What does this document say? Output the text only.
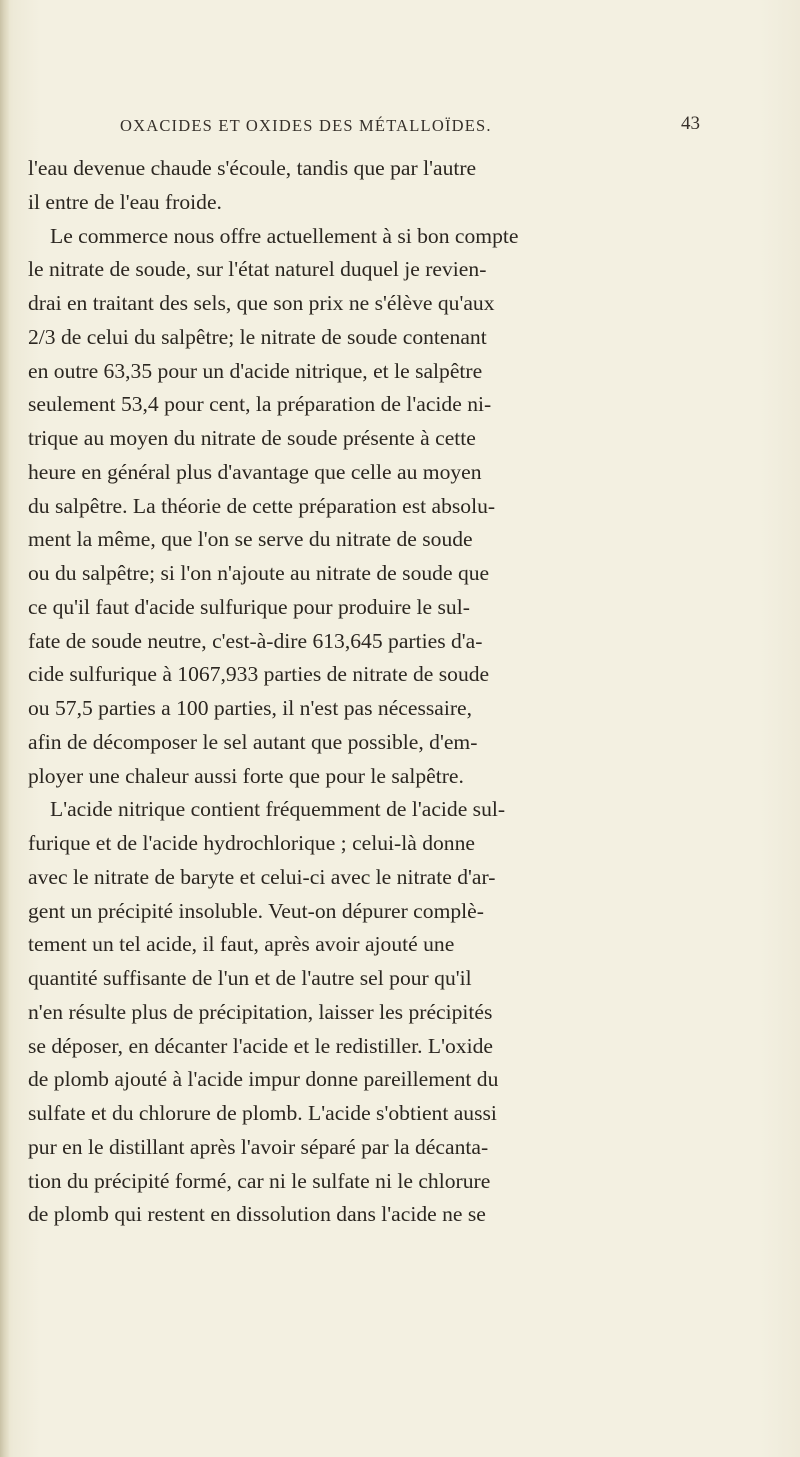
OXACIDES ET OXIDES DES MÉTALLOÏDES.	43
l'eau devenue chaude s'écoule, tandis que par l'autre
il entre de l'eau froide.
Le commerce nous offre actuellement à si bon compte
le nitrate de soude, sur l'état naturel duquel je revien-
drai en traitant des sels, que son prix ne s'élève qu'aux
2/3 de celui du salpêtre; le nitrate de soude contenant
en outre 63,35 pour un d'acide nitrique, et le salpêtre
seulement 53,4 pour cent, la préparation de l'acide ni-
trique au moyen du nitrate de soude présente à cette
heure en général plus d'avantage que celle au moyen
du salpêtre. La théorie de cette préparation est absolu-
ment la même, que l'on se serve du nitrate de soude
ou du salpêtre; si l'on n'ajoute au nitrate de soude que
ce qu'il faut d'acide sulfurique pour produire le sul-
fate de soude neutre, c'est-à-dire 613,645 parties d'a-
cide sulfurique à 1067,933 parties de nitrate de soude
ou 57,5 parties a 100 parties, il n'est pas nécessaire,
afin de décomposer le sel autant que possible, d'em-
ployer une chaleur aussi forte que pour le salpêtre.
L'acide nitrique contient fréquemment de l'acide sul-
furique et de l'acide hydrochlorique ; celui-là donne
avec le nitrate de baryte et celui-ci avec le nitrate d'ar-
gent un précipité insoluble. Veut-on dépurer complè-
tement un tel acide, il faut, après avoir ajouté une
quantité suffisante de l'un et de l'autre sel pour qu'il
n'en résulte plus de précipitation, laisser les précipités
se déposer, en décanter l'acide et le redistiller. L'oxide
de plomb ajouté à l'acide impur donne pareillement du
sulfate et du chlorure de plomb. L'acide s'obtient aussi
pur en le distillant après l'avoir séparé par la décanta-
tion du précipité formé, car ni le sulfate ni le chlorure
de plomb qui restent en dissolution dans l'acide ne se
